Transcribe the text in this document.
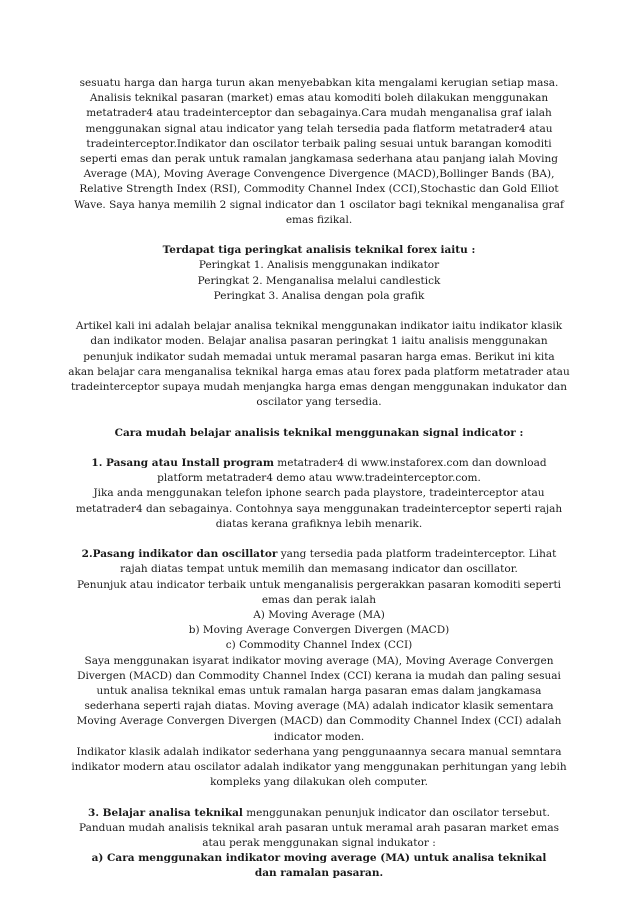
sesuatu harga dan harga turun akan menyebabkan kita mengalami kerugian setiap masa.
Analisis teknikal pasaran (market) emas atau komoditi boleh dilakukan menggunakan
metatrader4 atau tradeinterceptor dan sebagainya.Cara mudah menganalisa graf ialah
menggunakan signal atau indicator yang telah tersedia pada flatform metatrader4 atau
tradeinterceptor.Indikator dan oscilator terbaik paling sesuai untuk barangan komoditi
seperti emas dan perak untuk ramalan jangkamasa sederhana atau panjang ialah Moving
Average (MA), Moving Average Convengence Divergence (MACD),Bollinger Bands (BA),
Relative Strength Index (RSI), Commodity Channel Index (CCI),Stochastic dan Gold Elliot
Wave. Saya hanya memilih 2 signal indicator dan 1 oscilator bagi teknikal menganalisa graf
emas fizikal.
Terdapat tiga peringkat analisis teknikal forex iaitu :
Peringkat 1. Analisis menggunakan indikator
Peringkat 2. Menganalisa melalui candlestick
Peringkat 3. Analisa dengan pola grafik
Artikel kali ini adalah belajar analisa teknikal menggunakan indikator iaitu indikator klasik
dan indikator moden. Belajar analisa pasaran peringkat 1 iaitu analisis menggunakan
penunjuk indikator sudah memadai untuk meramal pasaran harga emas. Berikut ini kita
akan belajar cara menganalisa teknikal harga emas atau forex pada platform metatrader atau
tradeinterceptor supaya mudah menjangka harga emas dengan menggunakan indukator dan
oscilator yang tersedia.
Cara mudah belajar analisis teknikal menggunakan signal indicator :
1. Pasang atau Install program metatrader4 di www.instaforex.com dan download
platform metatrader4 demo atau www.tradeinterceptor.com.
Jika anda menggunakan telefon iphone search pada playstore, tradeinterceptor atau
metatrader4 dan sebagainya. Contohnya saya menggunakan tradeinterceptor seperti rajah
diatas kerana grafiknya lebih menarik.
2.Pasang indikator dan oscillator yang tersedia pada platform tradeinterceptor. Lihat
rajah diatas tempat untuk memilih dan memasang indicator dan oscillator.
Penunjuk atau indicator terbaik untuk menganalisis pergerakkan pasaran komoditi seperti
emas dan perak ialah
A) Moving Average (MA)
b) Moving Average Convergen Divergen (MACD)
c) Commodity Channel Index (CCI)
Saya menggunakan isyarat indikator moving average (MA), Moving Average Convergen
Divergen (MACD) dan Commodity Channel Index (CCI) kerana ia mudah dan paling sesuai
untuk analisa teknikal emas untuk ramalan harga pasaran emas dalam jangkamasa
sederhana seperti rajah diatas. Moving average (MA) adalah indicator klasik sementara
Moving Average Convergen Divergen (MACD) dan Commodity Channel Index (CCI) adalah
indicator moden.
Indikator klasik adalah indikator sederhana yang penggunaannya secara manual semntara
indikator modern atau oscilator adalah indikator yang menggunakan perhitungan yang lebih
kompleks yang dilakukan oleh computer.
3. Belajar analisa teknikal menggunakan penunjuk indicator dan oscilator tersebut.
Panduan mudah analisis teknikal arah pasaran untuk meramal arah pasaran market emas
atau perak menggunakan signal indukator :
a) Cara menggunakan indikator moving average (MA) untuk analisa teknikal
dan ramalan pasaran.
